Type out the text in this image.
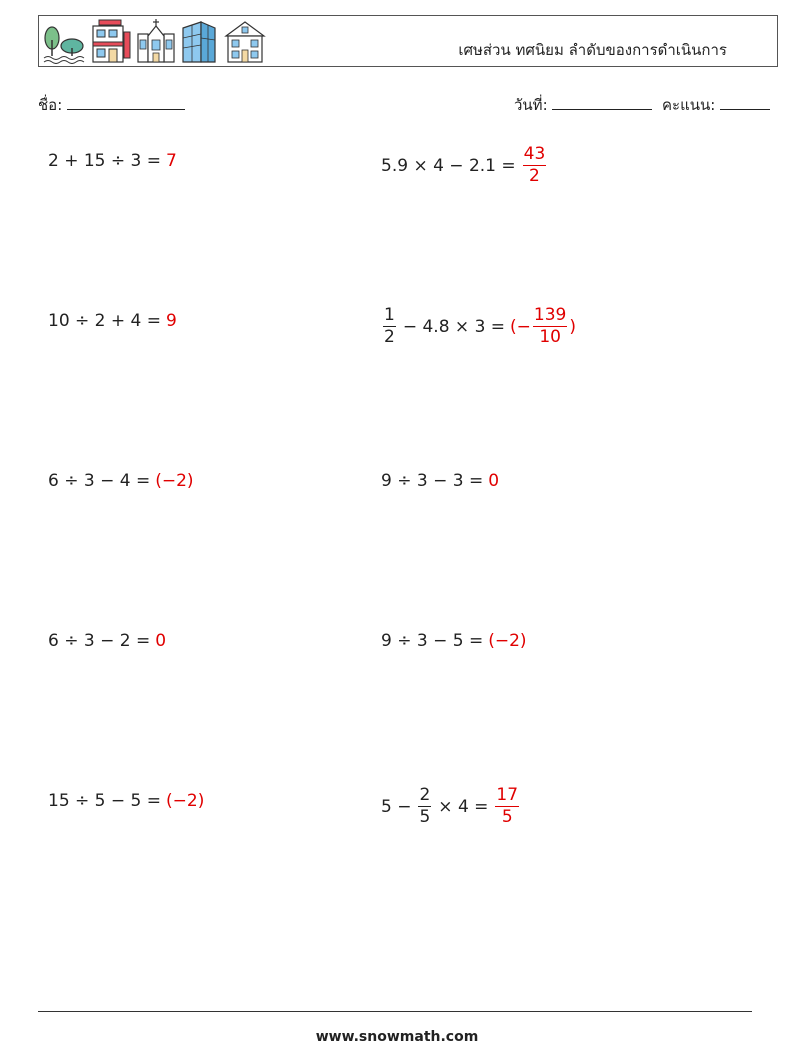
เศษส่วน ทศนิยม ลำดับของการดำเนินการ
ชื่อ:	วันที่:	คะแนน:
2 + 15 ÷ 3 = 7	$5.9 \times 4 - 2.1 = \frac{43}{2}$
10 ÷ 2 + 4 = 9	$\frac{1}{2} - 4.8 \times 3$ = (− $\frac{139}{10}$ )
6 ÷ 3 − 4 = (−2)	9 ÷ 3 − 3 = 0
6 ÷ 3 − 2 = 0	9 ÷ 3 − 5 = (−2)
15 ÷ 5 − 5 = (−2)	$5 - \frac{2}{5} \times 4 = \frac{17}{5}$
www.snowmath.com
